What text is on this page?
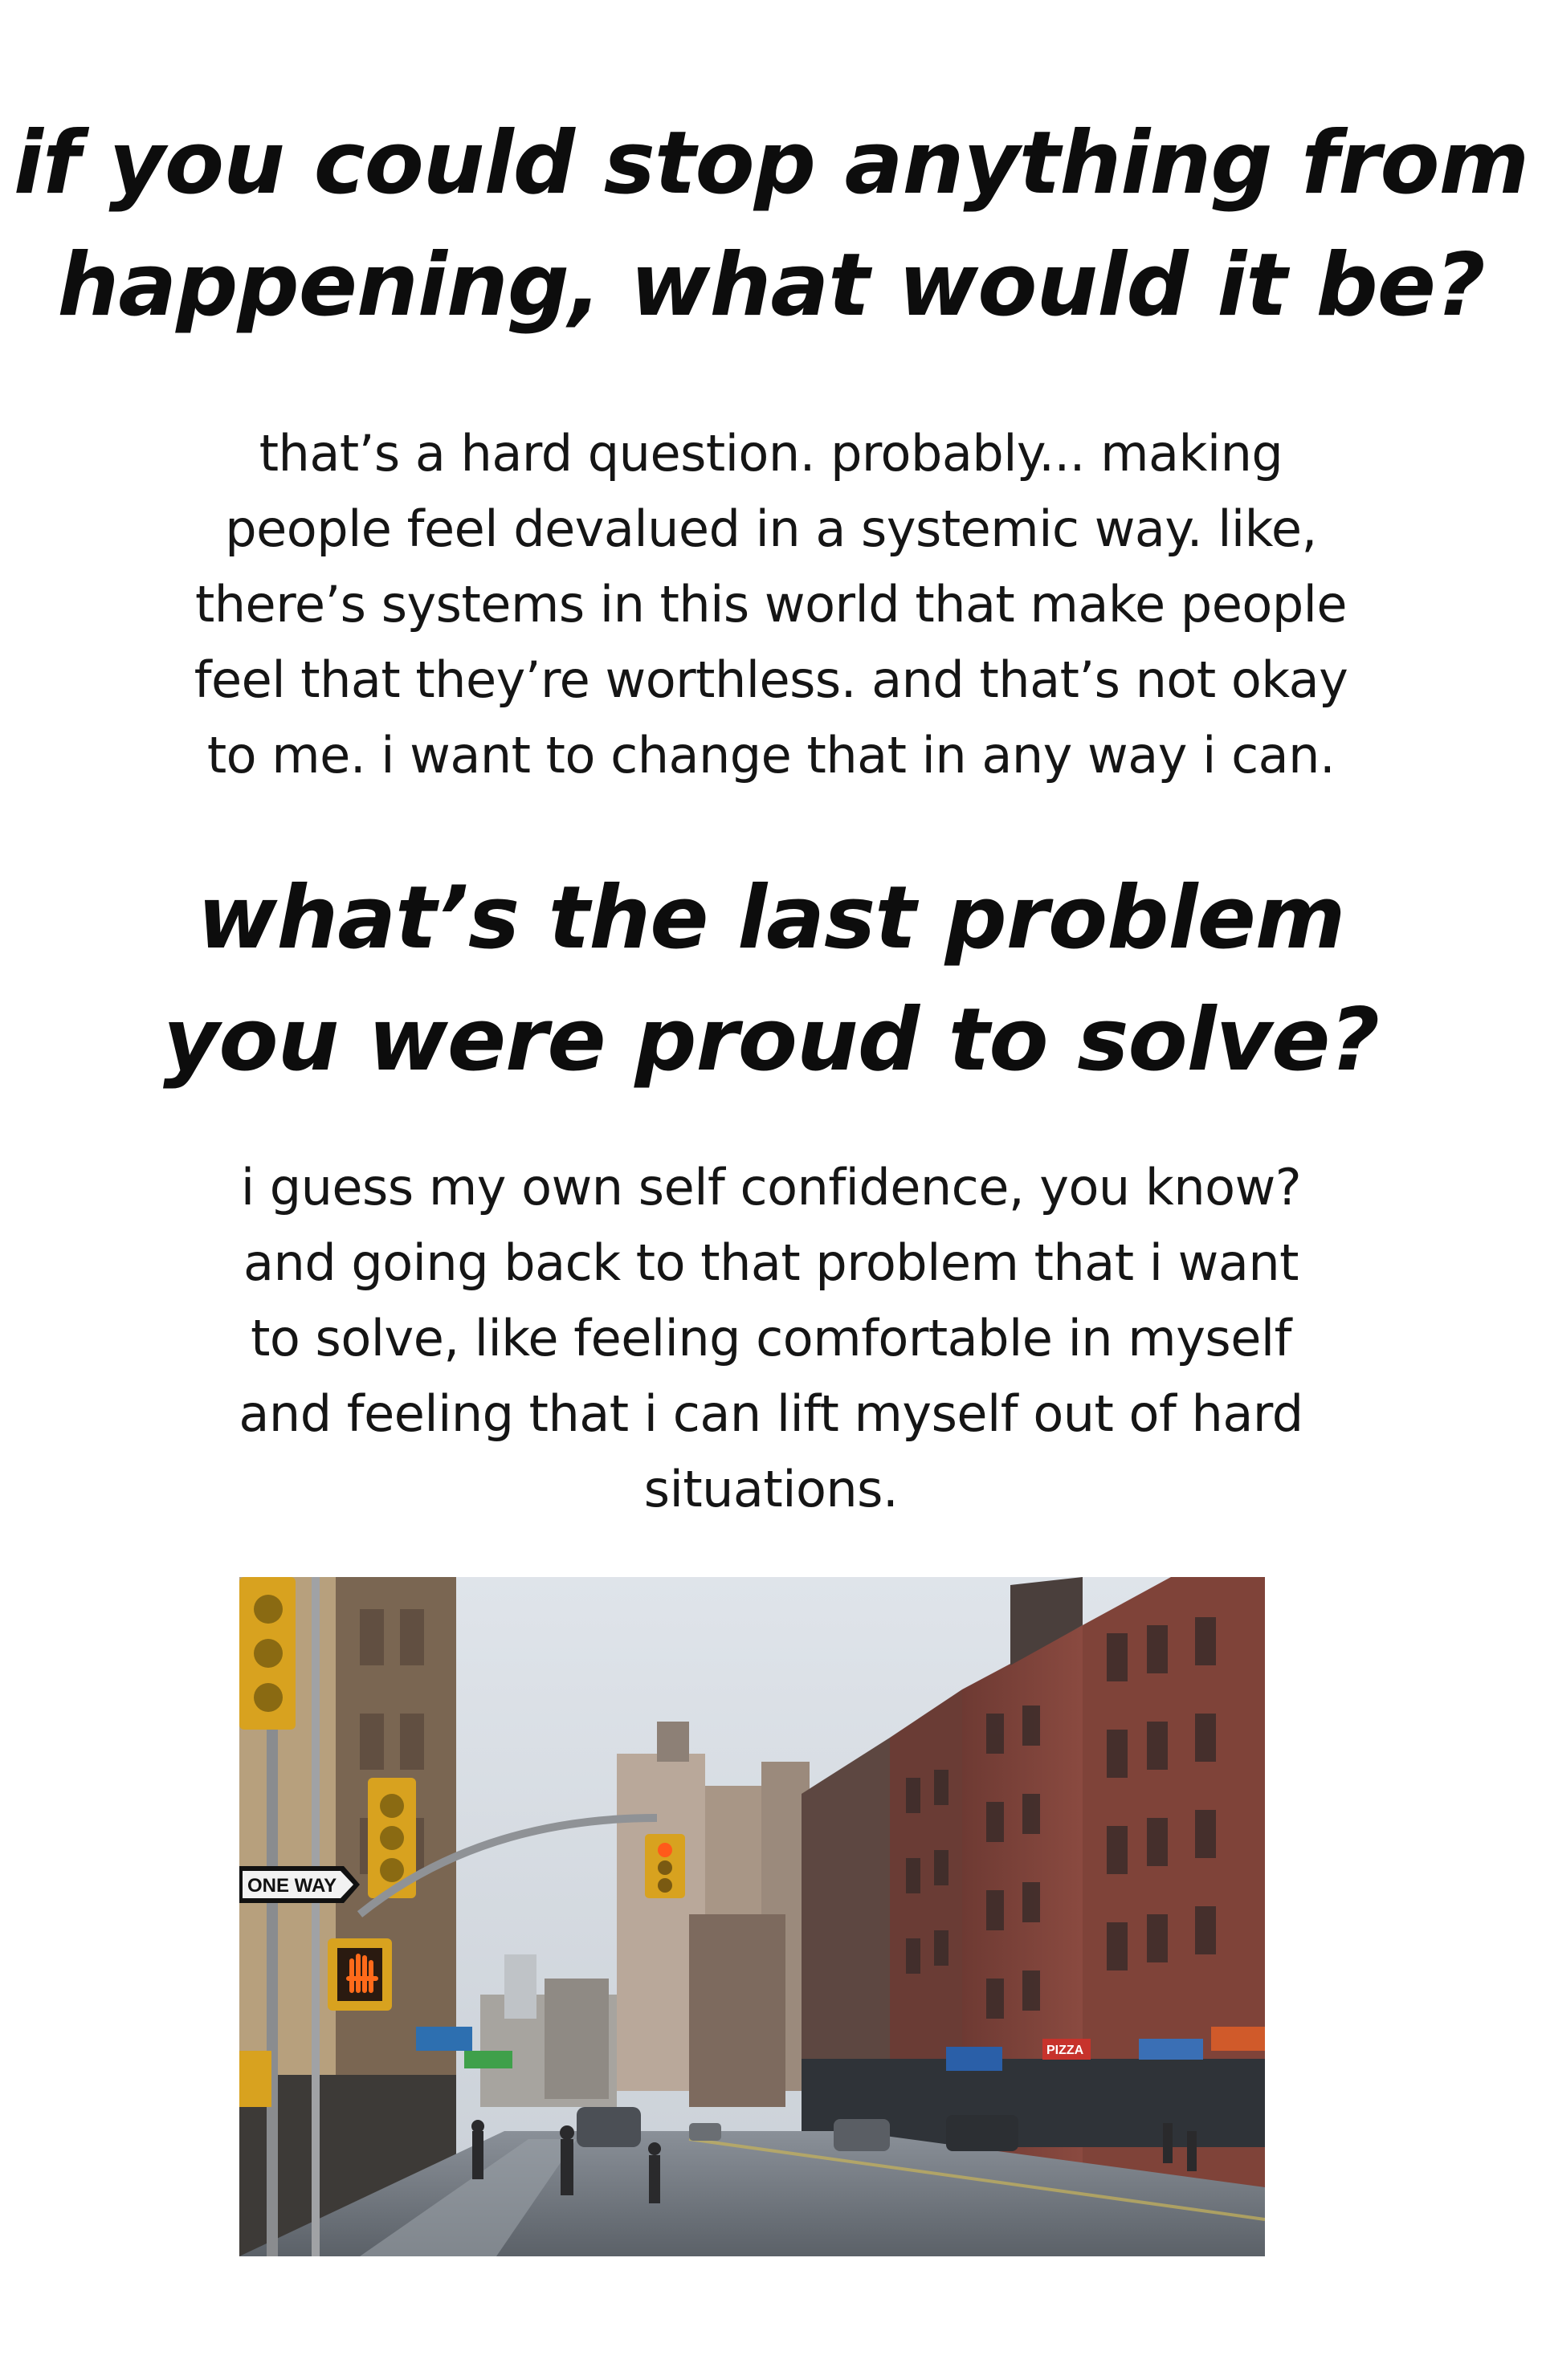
if you could stop anything from
happening, what would it be?

that’s a hard question. probably... making
people feel devalued in a systemic way. like,
there’s systems in this world that make people
feel that they’re worthless. and that’s not okay
to me. i want to change that in any way i can.

what’s the last problem
you were proud to solve?

i guess my own self confidence, you know?
and going back to that problem that i want
to solve, like feeling comfortable in myself
and feeling that i can lift myself out of hard
situations.

PIZZA
ONE WAY
